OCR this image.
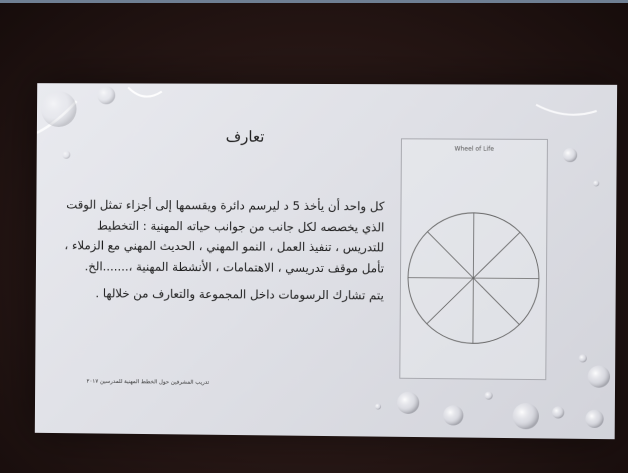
تعارف

كل واحد أن يأخذ 5 د ليرسم دائرة ويقسمها إلى أجزاء تمثل الوقت الذي يخصصه لكل جانب من جوانب حياته المهنية : التخطيط للتدريس ، تنفيذ العمل ، النمو المهني ، الحديث المهني مع الزملاء ، تأمل موقف تدريسي ، الاهتمامات ، الأنشطة المهنية ،.......الخ.

يتم تشارك الرسومات داخل المجموعة والتعارف من خلالها .

تدريب المشرفين حول الخطط المهنية للمدرسين ٢٠١٧
Wheel of Life
